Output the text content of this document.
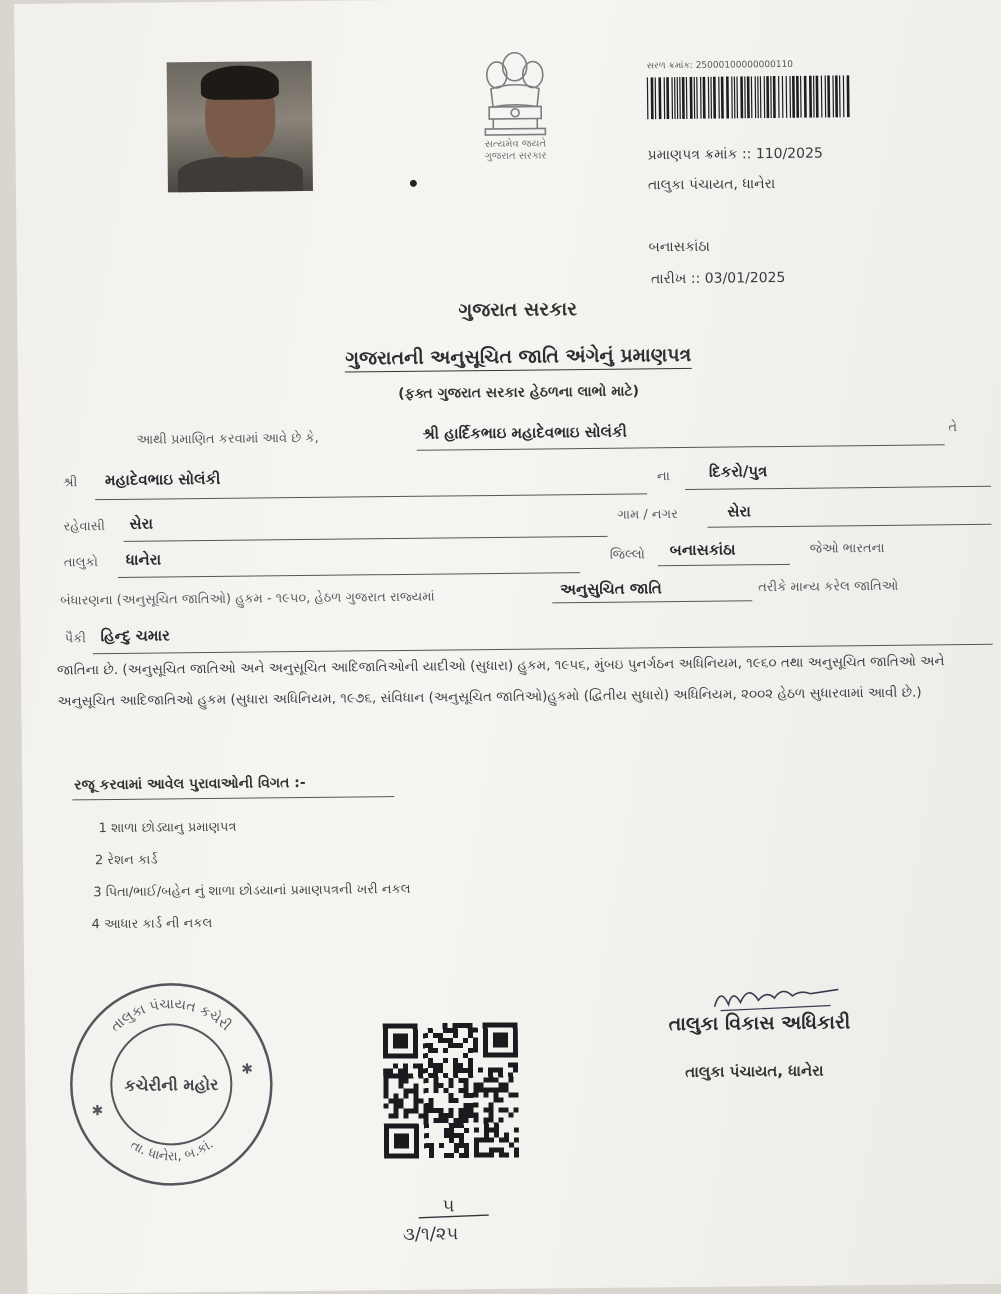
સત્યમેવ જયતે
ગુજરાત સરકાર
સરળ ક્રમાંક: 25000100000000110
પ્રમાણપત્ર ક્રમાંક :: 110/2025
તાલુકા પંચાયત, ધાનેરા
બનાસકાંઠા
તારીખ :: 03/01/2025
ગુજરાત સરકાર
ગુજરાતની અનુસૂચિત જાતિ અંગેનું પ્રમાણપત્ર
(ફક્ત ગુજરાત સરકાર હેઠળના લાભો માટે)
આથી પ્રમાણિત કરવામાં આવે છે કે,	શ્રી હાર્દિકભાઇ મહાદેવભાઇ સોલંકી	તે
શ્રી મહાદેવભાઇ સોલંકી	ના	દિકરો/પુત્ર
રહેવાસી સેરા	ગામ / નગર	સેરા
તાલુકો ધાનેરા	જિલ્લો બનાસકાંઠા	જેઓ ભારતના
બંધારણના (અનુસૂચિત જાતિઓ) હુકમ - ૧૯૫૦, હેઠળ ગુજરાત રાજ્યમાં
અનુસુચિત જાતિ	તરીકે માન્ય કરેલ જાતિઓ
પૈકી હિન્દુ ચમાર
જાતિના છે. (અનુસૂચિત જાતિઓ અને અનુસૂચિત આદિજાતિઓની યાદીઓ (સુધારા) હુકમ, ૧૯૫૬, મુંબઇ પુનર્ગઠન અધિનિયમ, ૧૯૬૦ તથા અનુસૂચિત જાતિઓ અને અનુસૂચિત આદિજાતિઓ હુકમ (સુધારા અધિનિયમ, ૧૯૭૬, સંવિધાન (અનુસૂચિત જાતિઓ)હુકમો (દ્વિતીય સુધારો) અધિનિયમ, ૨૦૦૨ હેઠળ સુધારવામાં આવી છે.)
રજૂ કરવામાં આવેલ પુરાવાઓની વિગત :-
1 શાળા છોડ્યાનુ પ્રમાણપત્ર
2 રેશન કાર્ડ
3 પિતા/ભાઈ/બહેન નું શાળા છોડયાનાં પ્રમાણપત્રની ખરી નકલ
4 આધાર કાર્ડ ની નકલ
તાલુકા પંચાયત કચેરી
તા. ધાનેરા, બ.કાં.
કચેરીની મહોર
✱
✱
તાલુકા વિકાસ અધિકારી
તાલુકા પંચાયત, ધાનેરા
૫
૩/૧/૨૫
